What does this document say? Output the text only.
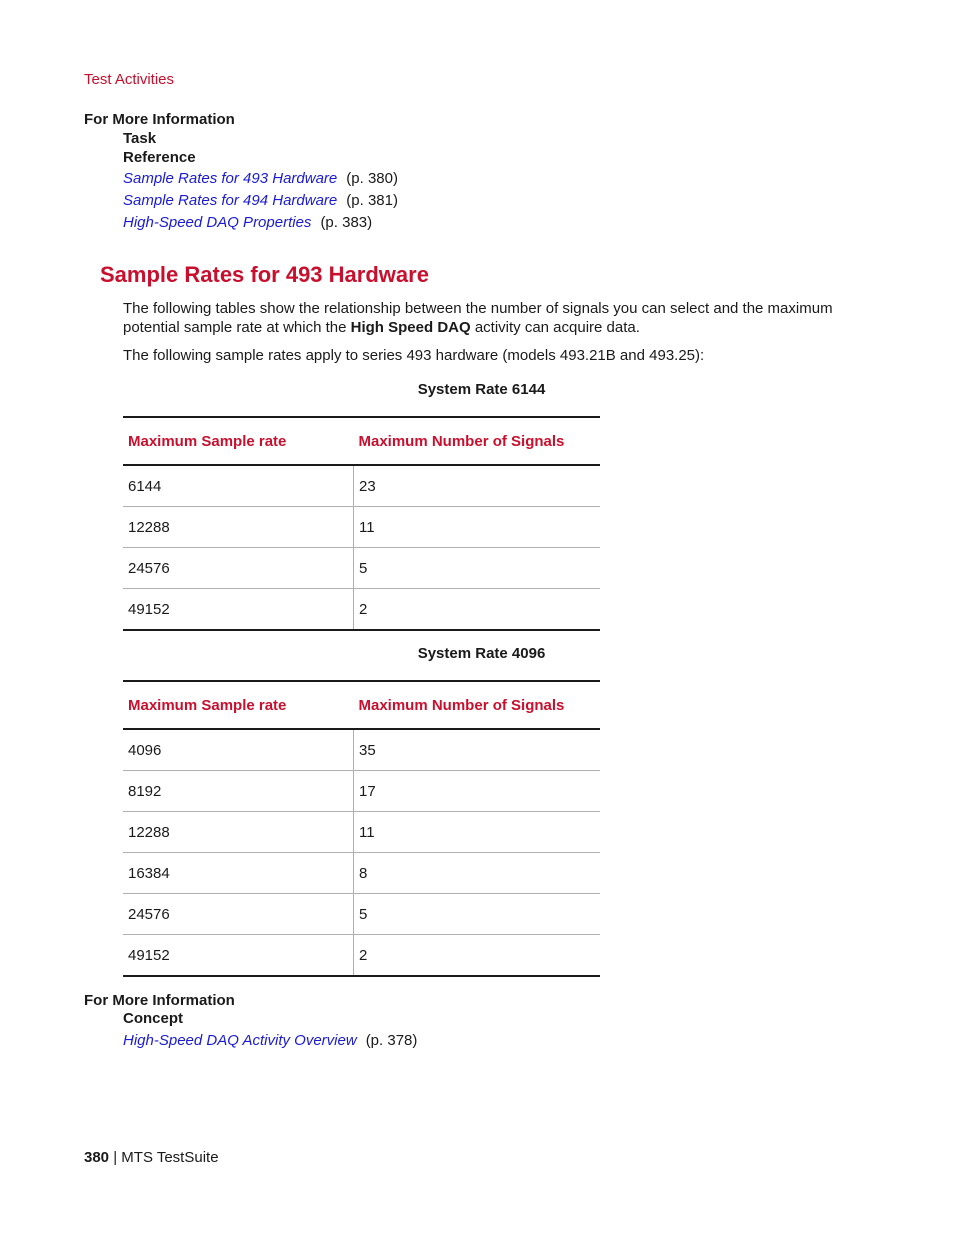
Test Activities
For More Information
Task
Reference
Sample Rates for 493 Hardware (p. 380)
Sample Rates for 494 Hardware (p. 381)
High-Speed DAQ Properties (p. 383)
Sample Rates for 493 Hardware
The following tables show the relationship between the number of signals you can select and the maximum potential sample rate at which the High Speed DAQ activity can acquire data.
The following sample rates apply to series 493 hardware (models 493.21B and 493.25):
System Rate 6144
Maximum Sample rate	Maximum Number of Signals
6144	23
12288	11
24576	5
49152	2
System Rate 4096
Maximum Sample rate	Maximum Number of Signals
4096	35
8192	17
12288	11
16384	8
24576	5
49152	2
For More Information
Concept
High-Speed DAQ Activity Overview (p. 378)
380 | MTS TestSuite
